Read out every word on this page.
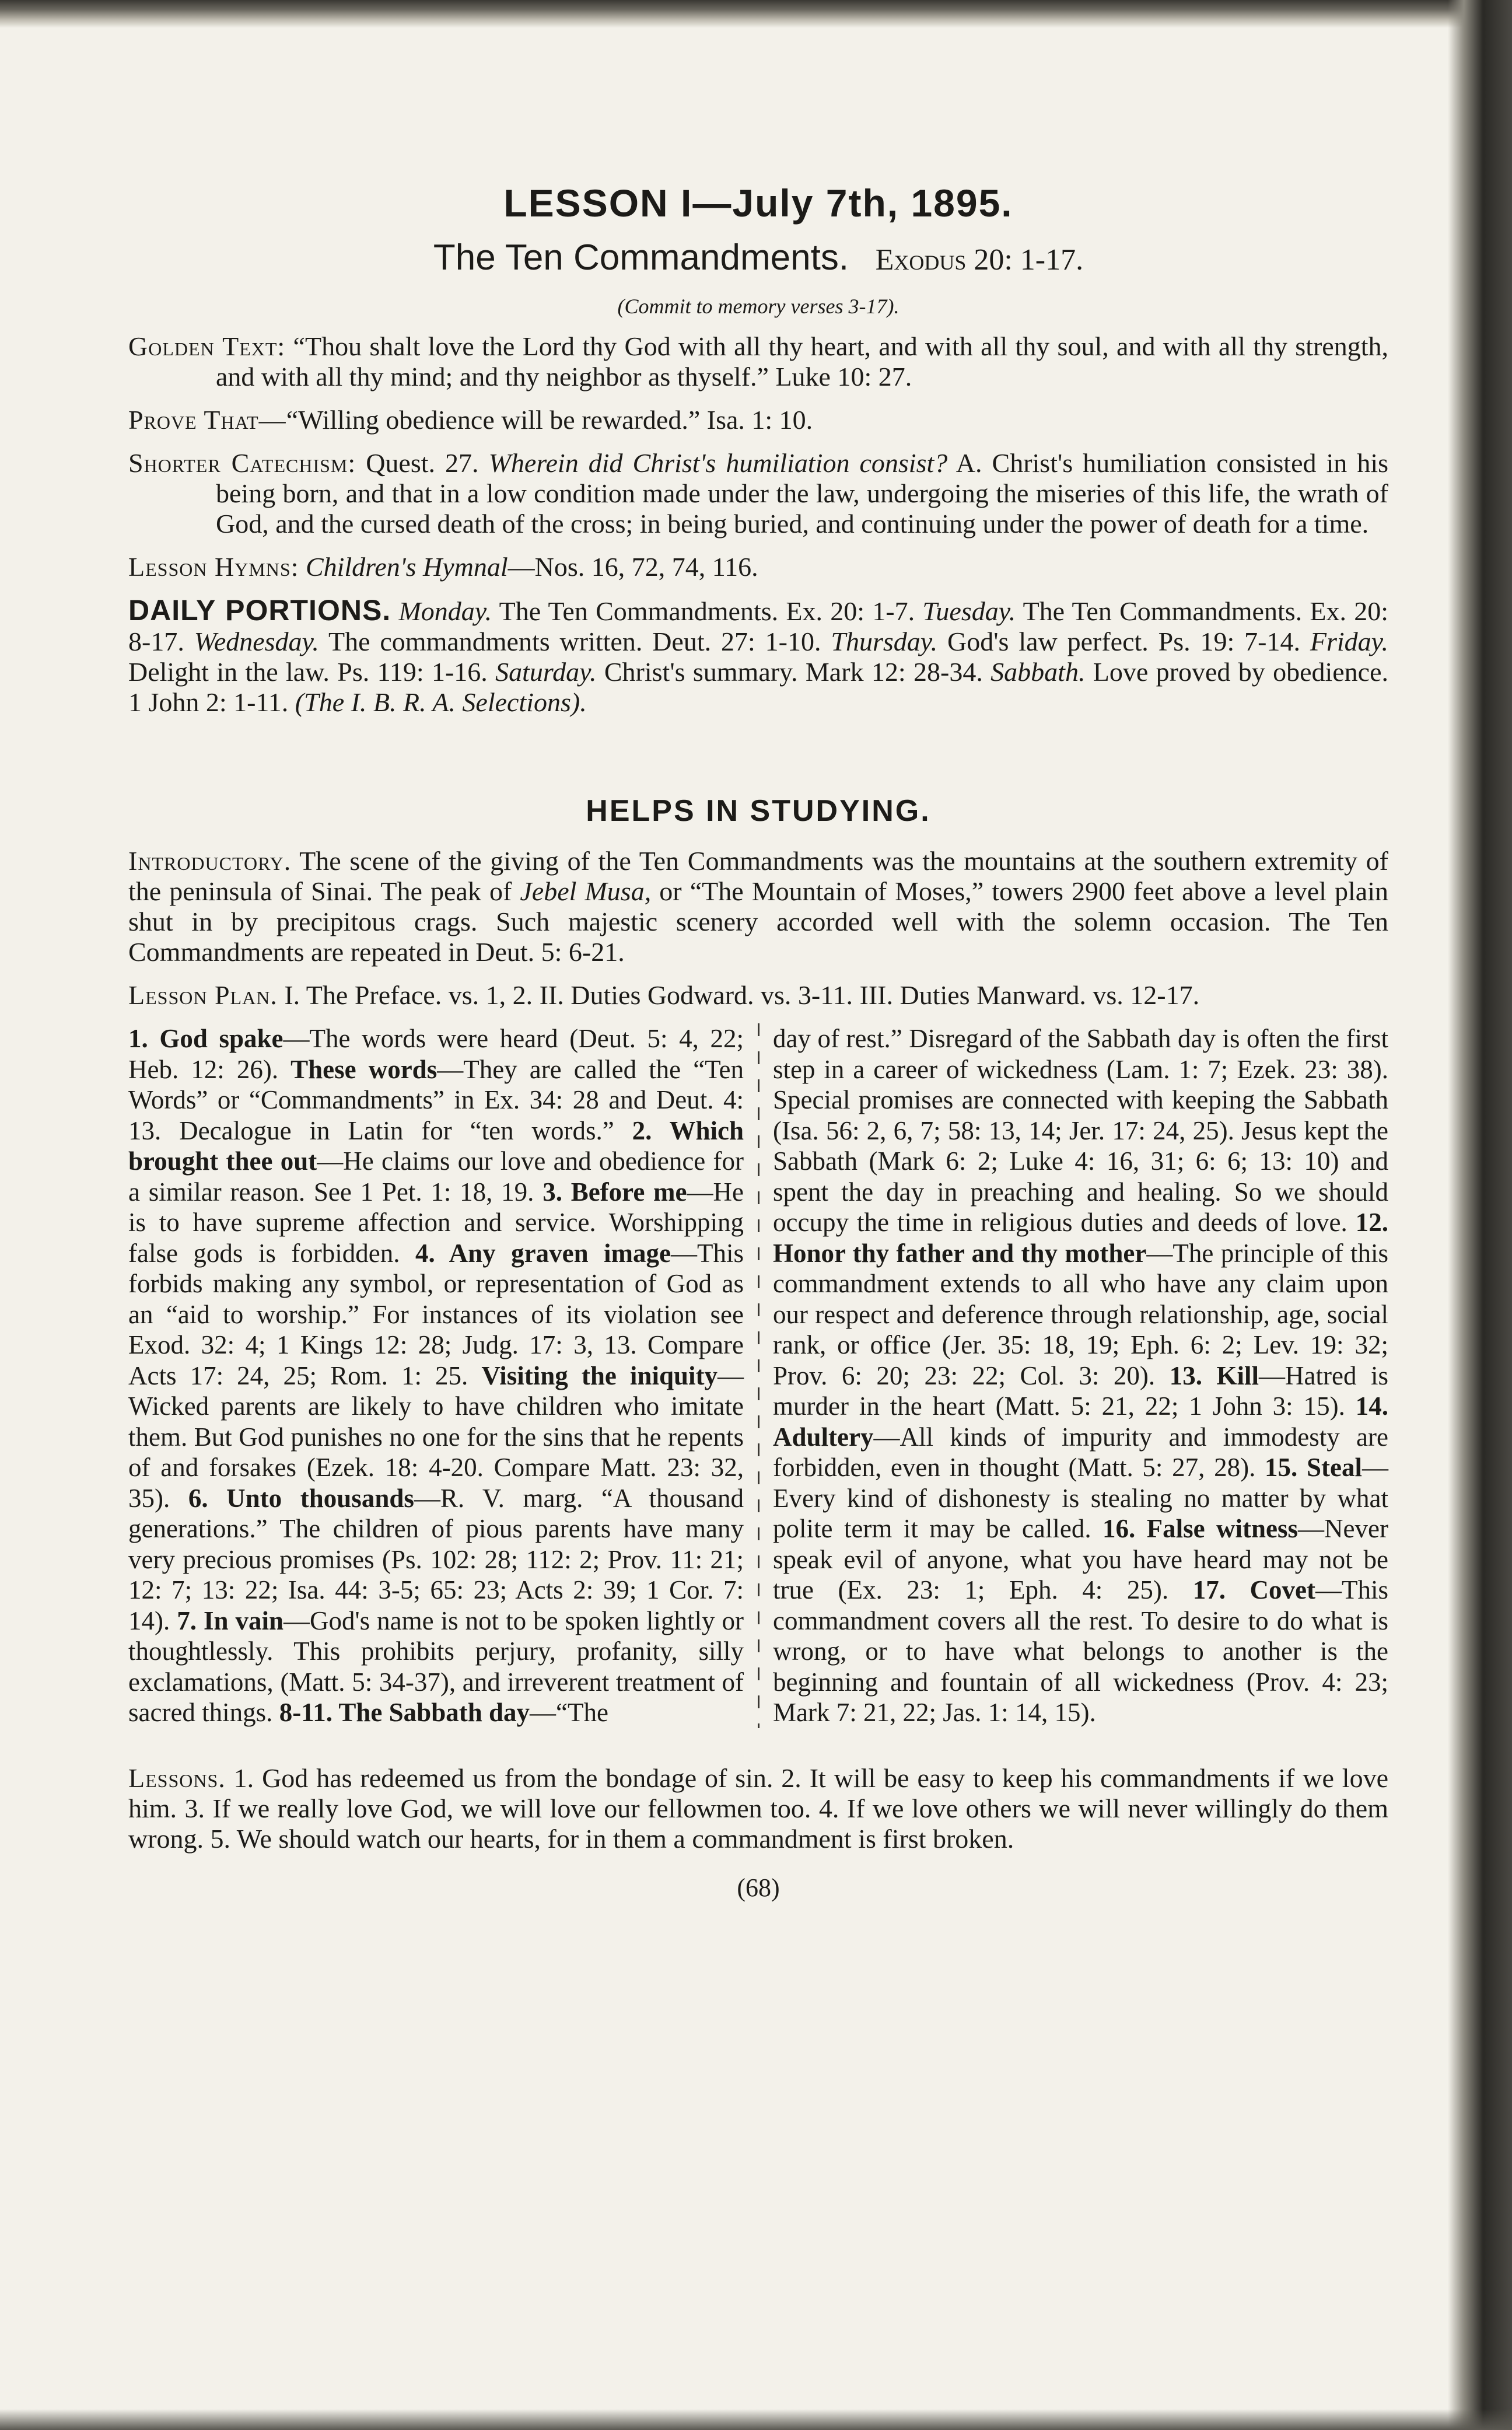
LESSON I—July 7th, 1895.
The Ten Commandments. Exodus 20: 1-17.
(Commit to memory verses 3-17).

Golden Text: “Thou shalt love the Lord thy God with all thy heart, and with all thy soul, and with all thy strength, and with all thy mind; and thy neighbor as thyself.” Luke 10: 27.

Prove That—“Willing obedience will be rewarded.” Isa. 1: 10.

Shorter Catechism: Quest. 27. Wherein did Christ's humiliation consist? A. Christ's humiliation consisted in his being born, and that in a low condition made under the law, undergoing the miseries of this life, the wrath of God, and the cursed death of the cross; in being buried, and continuing under the power of death for a time.

Lesson Hymns: Children's Hymnal—Nos. 16, 72, 74, 116.

DAILY PORTIONS. Monday. The Ten Commandments. Ex. 20: 1-7. Tuesday. The Ten Commandments. Ex. 20: 8-17. Wednesday. The commandments written. Deut. 27: 1-10. Thursday. God's law perfect. Ps. 19: 7-14. Friday. Delight in the law. Ps. 119: 1-16. Saturday. Christ's summary. Mark 12: 28-34. Sabbath. Love proved by obedience. 1 John 2: 1-11. (The I. B. R. A. Selections).

HELPS IN STUDYING.

Introductory. The scene of the giving of the Ten Commandments was the mountains at the southern extremity of the peninsula of Sinai. The peak of Jebel Musa, or “The Mountain of Moses,” towers 2900 feet above a level plain shut in by precipitous crags. Such majestic scenery accorded well with the solemn occasion. The Ten Commandments are repeated in Deut. 5: 6-21.

Lesson Plan. I. The Preface. vs. 1, 2. II. Duties Godward. vs. 3-11. III. Duties Manward. vs. 12-17.

1. God spake—The words were heard (Deut. 5: 4, 22; Heb. 12: 26). These words—They are called the “Ten Words” or “Commandments” in Ex. 34: 28 and Deut. 4: 13. Decalogue in Latin for “ten words.” 2. Which brought thee out—He claims our love and obedience for a similar reason. See 1 Pet. 1: 18, 19. 3. Before me—He is to have supreme affection and service. Worshipping false gods is forbidden. 4. Any graven image—This forbids making any symbol, or representation of God as an “aid to worship.” For instances of its violation see Exod. 32: 4; 1 Kings 12: 28; Judg. 17: 3, 13. Compare Acts 17: 24, 25; Rom. 1: 25. Visiting the iniquity—Wicked parents are likely to have children who imitate them. But God punishes no one for the sins that he repents of and forsakes (Ezek. 18: 4-20. Compare Matt. 23: 32, 35). 6. Unto thousands—R. V. marg. “A thousand generations.” The children of pious parents have many very precious promises (Ps. 102: 28; 112: 2; Prov. 11: 21; 12: 7; 13: 22; Isa. 44: 3-5; 65: 23; Acts 2: 39; 1 Cor. 7: 14). 7. In vain—God's name is not to be spoken lightly or thoughtlessly. This prohibits perjury, profanity, silly exclamations, (Matt. 5: 34-37), and irreverent treatment of sacred things. 8-11. The Sabbath day—“The
day of rest.” Disregard of the Sabbath day is often the first step in a career of wickedness (Lam. 1: 7; Ezek. 23: 38). Special promises are connected with keeping the Sabbath (Isa. 56: 2, 6, 7; 58: 13, 14; Jer. 17: 24, 25). Jesus kept the Sabbath (Mark 6: 2; Luke 4: 16, 31; 6: 6; 13: 10) and spent the day in preaching and healing. So we should occupy the time in religious duties and deeds of love. 12. Honor thy father and thy mother—The principle of this commandment extends to all who have any claim upon our respect and deference through relationship, age, social rank, or office (Jer. 35: 18, 19; Eph. 6: 2; Lev. 19: 32; Prov. 6: 20; 23: 22; Col. 3: 20). 13. Kill—Hatred is murder in the heart (Matt. 5: 21, 22; 1 John 3: 15). 14. Adultery—All kinds of impurity and immodesty are forbidden, even in thought (Matt. 5: 27, 28). 15. Steal—Every kind of dishonesty is stealing no matter by what polite term it may be called. 16. False witness—Never speak evil of anyone, what you have heard may not be true (Ex. 23: 1; Eph. 4: 25). 17. Covet—This commandment covers all the rest. To desire to do what is wrong, or to have what belongs to another is the beginning and fountain of all wickedness (Prov. 4: 23; Mark 7: 21, 22; Jas. 1: 14, 15).

Lessons. 1. God has redeemed us from the bondage of sin. 2. It will be easy to keep his commandments if we love him. 3. If we really love God, we will love our fellowmen too. 4. If we love others we will never willingly do them wrong. 5. We should watch our hearts, for in them a commandment is first broken.

(68)
